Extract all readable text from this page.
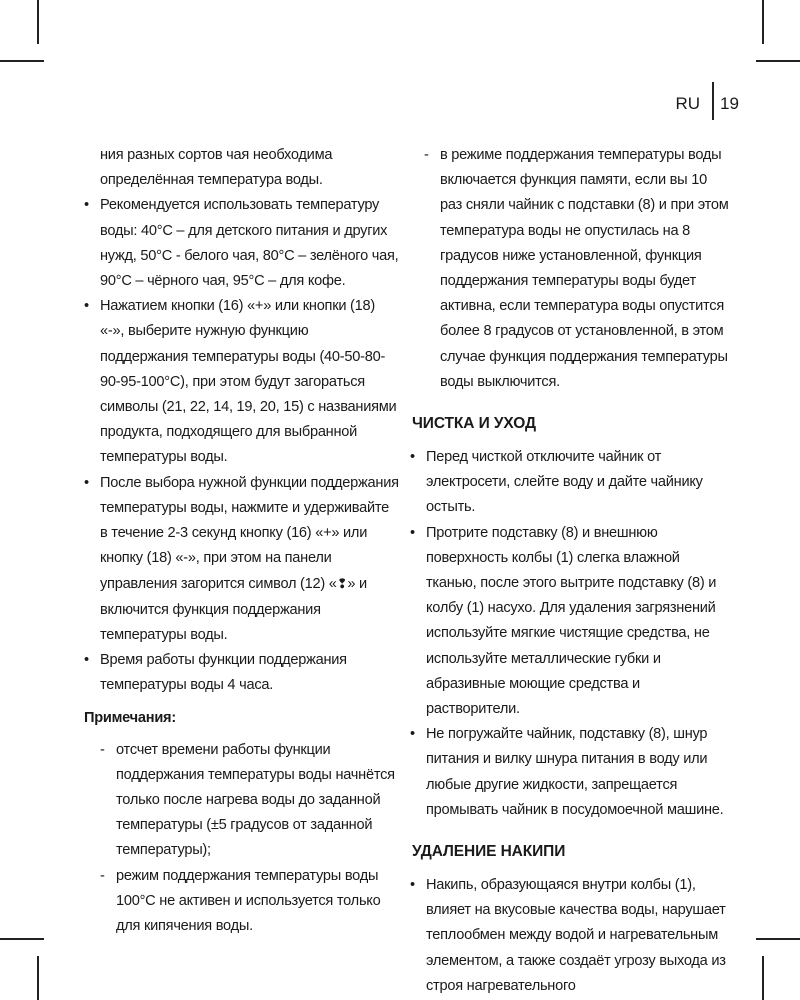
RU 19

ния разных сортов чая необходима определённая температура воды.

• Рекомендуется использовать температуру воды: 40°С – для детского питания и других нужд, 50°С - белого чая, 80°С – зелёного чая, 90°С – чёрного чая, 95°С – для кофе.
• Нажатием кнопки (16) «+» или кнопки (18) «-», выберите нужную функцию поддержания температуры воды (40-50-80-90-95-100°С), при этом будут загораться символы (21, 22, 14, 19, 20, 15) с названиями продукта, подходящего для выбранной температуры воды.
• После выбора нужной функции поддержания температуры воды, нажмите и удерживайте в течение 2-3 секунд кнопку (16) «+» или кнопку (18) «-», при этом на панели управления загорится символ (12) «❢» и включится функция поддержания температуры воды.
• Время работы функции поддержания температуры воды 4 часа.

Примечания:

- отсчет времени работы функции поддержания температуры воды начнётся только после нагрева воды до заданной температуры (±5 градусов от заданной температуры);
- режим поддержания температуры воды 100°С не активен и используется только для кипячения воды.
- в режиме поддержания температуры воды включается функция памяти, если вы 10 раз сняли чайник с подставки (8) и при этом температура воды не опустилась на 8 градусов ниже установленной, функция поддержания температуры воды будет активна, если температура воды опустится более 8 градусов от установленной, в этом случае функция поддержания температуры воды выключится.
ЧИСТКА И УХОД
• Перед чисткой отключите чайник от электросети, слейте воду и дайте чайнику остыть.
• Протрите подставку (8) и внешнюю поверхность колбы (1) слегка влажной тканью, после этого вытрите подставку (8) и колбу (1) насухо. Для удаления загрязнений используйте мягкие чистящие средства, не используйте металлические губки и абразивные моющие средства и растворители.
• Не погружайте чайник, подставку (8), шнур питания и вилку шнура питания в воду или любые другие жидкости, запрещается промывать чайник в посудомоечной машине.
УДАЛЕНИЕ НАКИПИ
• Накипь, образующаяся внутри колбы (1), влияет на вкусовые качества воды, нарушает теплообмен между водой и нагревательным элементом, а также создаёт угрозу выхода из строя нагревательного
